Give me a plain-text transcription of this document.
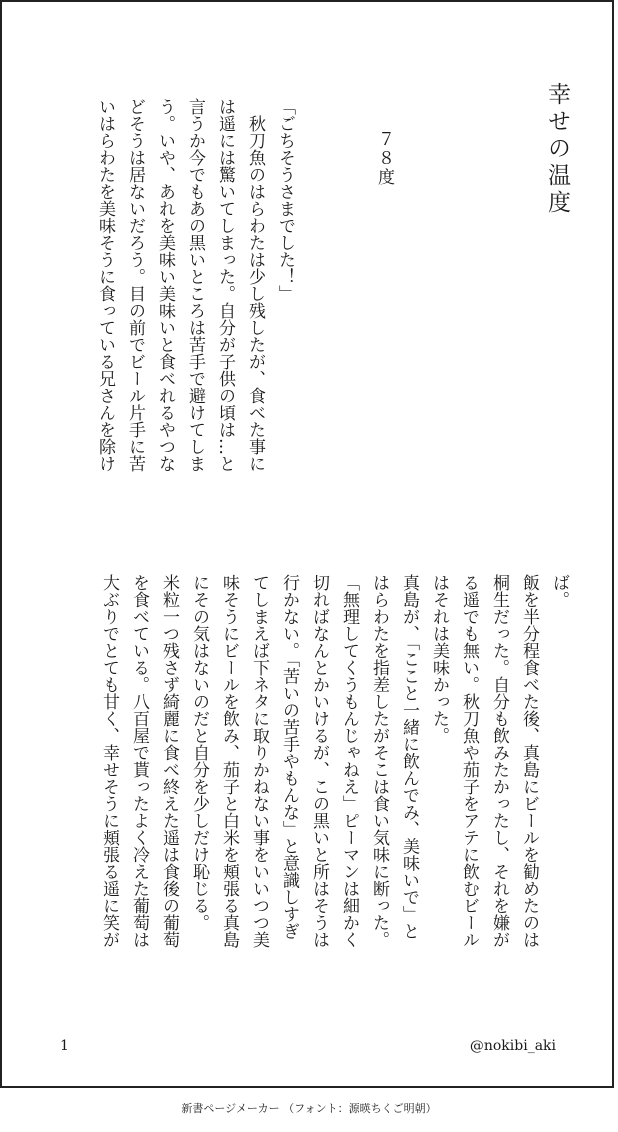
幸せの温度
７８度
「ごちそうさまでした！」
　秋刀魚のはらわたは少し残したが、食べた事に
は遥には驚いてしまった。自分が子供の頃は…と
言うか今でもあの黒いところは苦手で避けてしま
う。いや、あれを美味い美味いと食べれるやつな
どそうは居ないだろう。目の前でビール片手に苦
いはらわたを美味そうに食っている兄さんを除け
ば。
飯を半分程食べた後、真島にビールを勧めたのは
桐生だった。自分も飲みたかったし、それを嫌が
る遥でも無い。秋刀魚や茄子をアテに飲むビール
はそれは美味かった。
真島が、「ここと一緒に飲んでみ、美味いで」と
はらわたを指差したがそこは食い気味に断った。
「無理してくうもんじゃねえ」ピーマンは細かく
切ればなんとかいけるが、この黒いと所はそうは
行かない。「苦いの苦手やもんな」と意識しすぎ
てしまえば下ネタに取りかねない事をいいつつ美
味そうにビールを飲み、茄子と白米を頬張る真島
にその気はないのだと自分を少しだけ恥じる。
米粒一つ残さず綺麗に食べ終えた遥は食後の葡萄
を食べている。八百屋で貰ったよく冷えた葡萄は
大ぶりでとても甘く、幸せそうに頬張る遥に笑が
1	@nokibi_aki
新書ページメーカー （フォント：源暎ちくご明朝）
